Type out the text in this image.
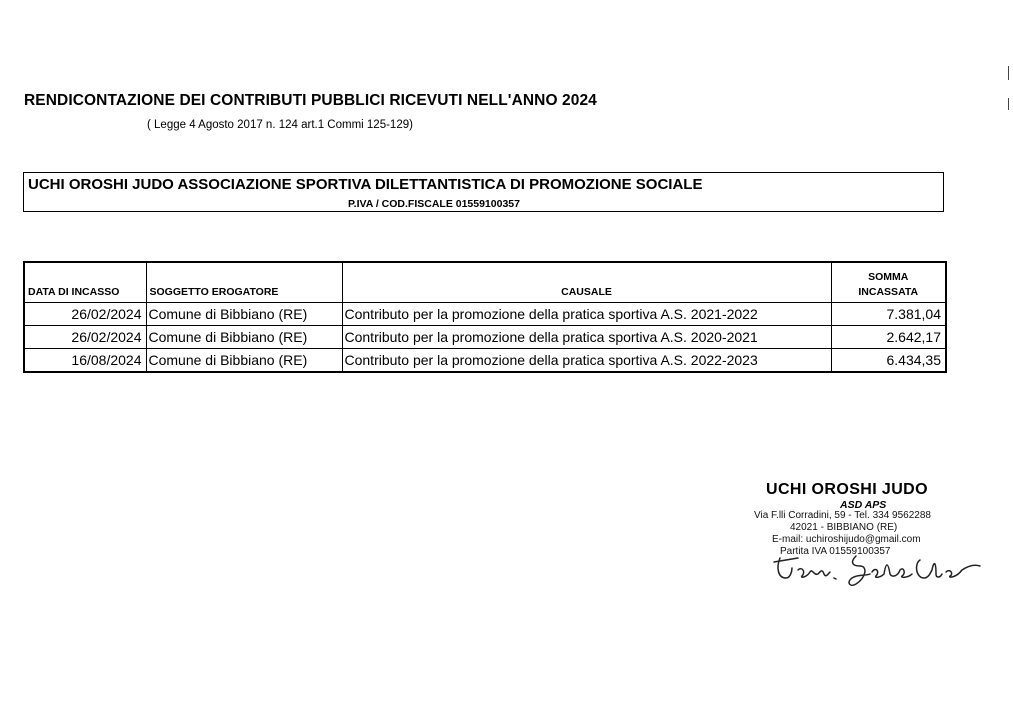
RENDICONTAZIONE DEI CONTRIBUTI PUBBLICI RICEVUTI NELL'ANNO 2024
( Legge 4 Agosto 2017 n. 124 art.1 Commi 125-129)
UCHI OROSHI JUDO ASSOCIAZIONE SPORTIVA DILETTANTISTICA DI PROMOZIONE SOCIALE
P.IVA / COD.FISCALE 01559100357
DATA DI INCASSO	SOGGETTO EROGATORE	CAUSALE	SOMMA
INCASSATA

26/02/2024	Comune di Bibbiano (RE)	Contributo per la promozione della pratica sportiva A.S. 2021-2022	7.381,04
26/02/2024	Comune di Bibbiano (RE)	Contributo per la promozione della pratica sportiva A.S. 2020-2021	2.642,17
16/08/2024	Comune di Bibbiano (RE)	Contributo per la promozione della pratica sportiva A.S. 2022-2023	6.434,35
UCHI OROSHI JUDO
ASD APS
Via F.lli Corradini, 59 - Tel. 334 9562288
42021 - BIBBIANO (RE)
E-mail: uchiroshijudo@gmail.com
Partita IVA 01559100357
